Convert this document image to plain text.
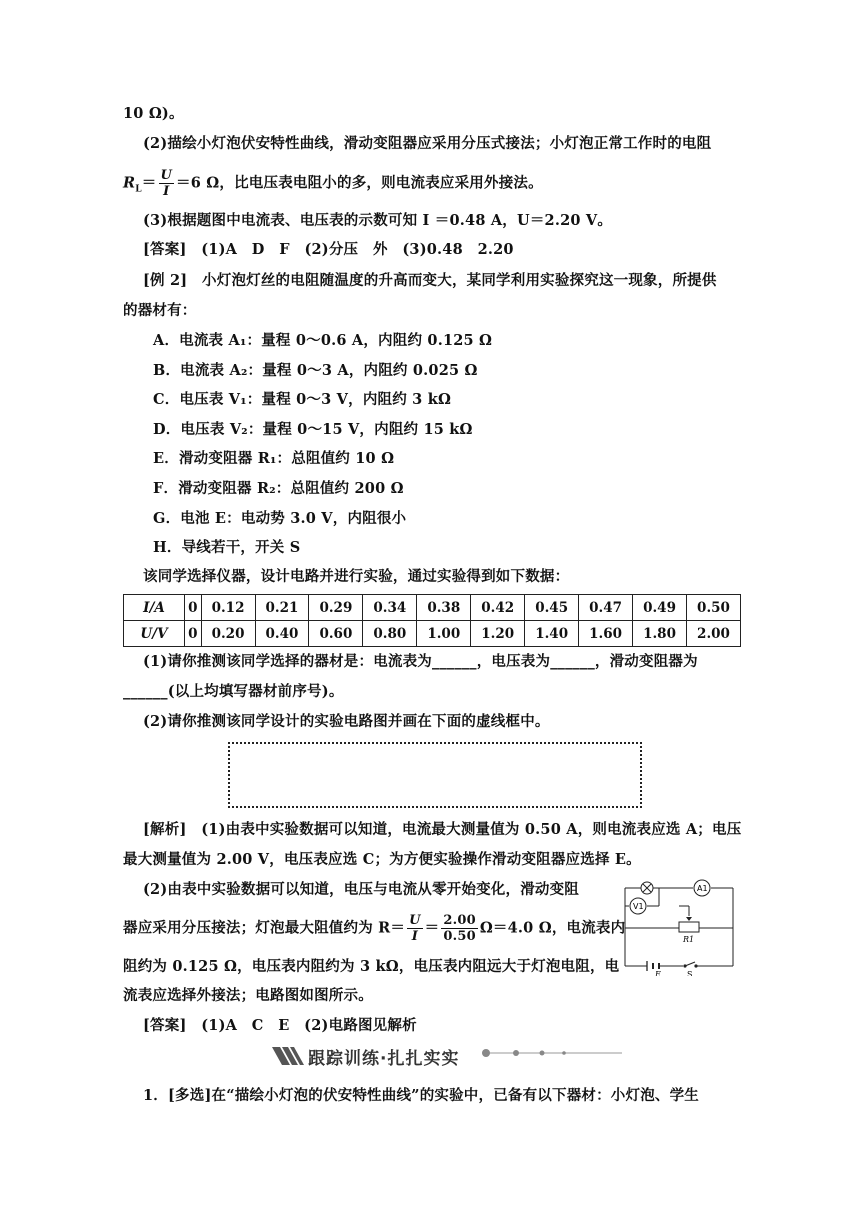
10 Ω)。
(2)描绘小灯泡伏安特性曲线，滑动变阻器应采用分压式接法；小灯泡正常工作时的电阻
$R_L= \frac{U}{I} =6$ Ω，比电压表电阻小的多，则电流表应采用外接法。
(3)根据题图中电流表、电压表的示数可知 I ＝0.48 A，U＝2.20 V。
[答案]　(1)A　D　F　(2)分压　外　(3)0.48　2.20
[例 2]　小灯泡灯丝的电阻随温度的升高而变大，某同学利用实验探究这一现象，所提供
的器材有：
A．电流表 A₁：量程 0～0.6 A，内阻约 0.125 Ω
B．电流表 A₂：量程 0～3 A，内阻约 0.025 Ω
C．电压表 V₁：量程 0～3 V，内阻约 3 kΩ
D．电压表 V₂：量程 0～15 V，内阻约 15 kΩ
E．滑动变阻器 R₁：总阻值约 10 Ω
F．滑动变阻器 R₂：总阻值约 200 Ω
G．电池 E：电动势 3.0 V，内阻很小
H．导线若干，开关 S
该同学选择仪器，设计电路并进行实验，通过实验得到如下数据：
I/A	0	0.12	0.21	0.29	0.34	0.38	0.42	0.45	0.47	0.49	0.50
U/V	0	0.20	0.40	0.60	0.80	1.00	1.20	1.40	1.60	1.80	2.00
(1)请你推测该同学选择的器材是：电流表为______，电压表为______，滑动变阻器为
______(以上均填写器材前序号)。
(2)请你推测该同学设计的实验电路图并画在下面的虚线框中。
[解析]　(1)由表中实验数据可以知道，电流最大测量值为 0.50 A，则电流表应选 A；电压
最大测量值为 2.00 V，电压表应选 C；为方便实验操作滑动变阻器应选择 E。
(2)由表中实验数据可以知道，电压与电流从零开始变化，滑动变阻
器应采用分压接法；灯泡最大阻值约为 $R= \frac{U}{I} = \frac{2.00}{0.50} \Omega=4.0$ Ω，电流表内
阻约为 0.125 Ω，电压表内阻约为 3 kΩ，电压表内阻远大于灯泡电阻，电
流表应选择外接法；电路图如图所示。
[答案]　(1)A　C　E　(2)电路图见解析
A1
V1
R1
E	S
跟踪训练·扎扎实实
1．[多选]在“描绘小灯泡的伏安特性曲线”的实验中，已备有以下器材：小灯泡、学生
